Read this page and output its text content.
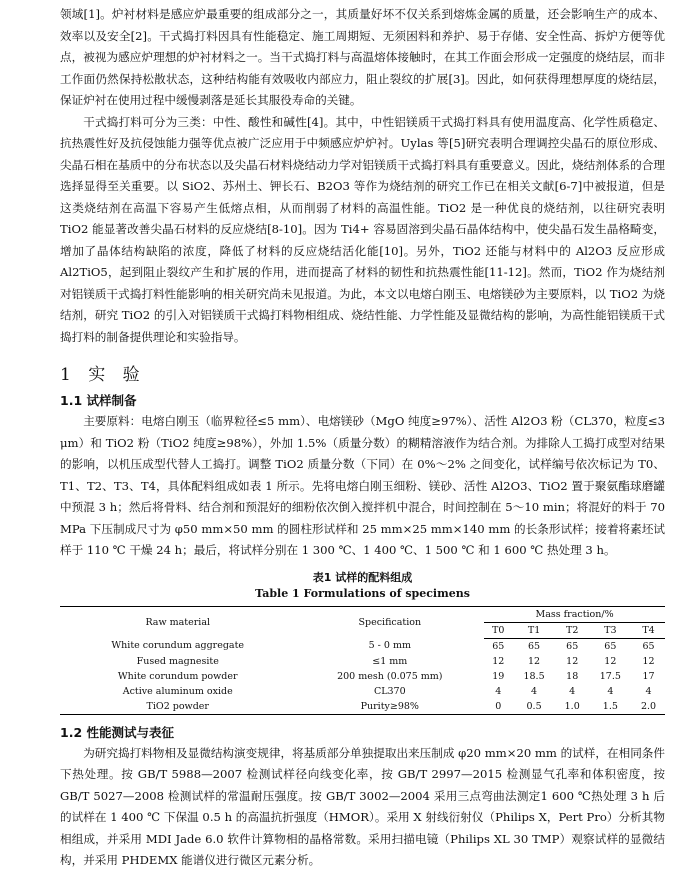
领域[1]。炉衬材料是感应炉最重要的组成部分之一，其质量好坏不仅关系到熔炼金属的质量，还会影响生产的成本、效率以及安全[2]。干式捣打料因具有性能稳定、施工周期短、无须困料和养护、易于存储、安全性高、拆炉方便等优点，被视为感应炉理想的炉衬材料之一。当干式捣打料与高温熔体接触时，在其工作面会形成一定强度的烧结层，而非工作面仍然保持松散状态，这种结构能有效吸收内部应力，阻止裂纹的扩展[3]。因此，如何获得理想厚度的烧结层，保证炉衬在使用过程中缓慢剥落是延长其服役寿命的关键。

干式捣打料可分为三类：中性、酸性和碱性[4]。其中，中性铝镁质干式捣打料具有使用温度高、化学性质稳定、抗热震性好及抗侵蚀能力强等优点被广泛应用于中频感应炉炉衬。Uylas 等[5]研究表明合理调控尖晶石的原位形成、尖晶石相在基质中的分布状态以及尖晶石材料烧结动力学对铝镁质干式捣打料具有重要意义。因此，烧结剂体系的合理选择显得至关重要。以 SiO2、苏州土、钾长石、B2O3 等作为烧结剂的研究工作已在相关文献[6-7]中被报道，但是这类烧结剂在高温下容易产生低熔点相，从而削弱了材料的高温性能。TiO2 是一种优良的烧结剂，以往研究表明 TiO2 能显著改善尖晶石材料的反应烧结[8-10]。因为 Ti4+ 容易固溶到尖晶石晶体结构中，使尖晶石发生晶格畸变，增加了晶体结构缺陷的浓度，降低了材料的反应烧结活化能[10]。另外，TiO2 还能与材料中的 Al2O3 反应形成 Al2TiO5，起到阻止裂纹产生和扩展的作用，进而提高了材料的韧性和抗热震性能[11-12]。然而，TiO2 作为烧结剂对铝镁质干式捣打料性能影响的相关研究尚未见报道。为此，本文以电熔白刚玉、电熔镁砂为主要原料，以 TiO2 为烧结剂，研究 TiO2 的引入对铝镁质干式捣打料物相组成、烧结性能、力学性能及显微结构的影响，为高性能铝镁质干式捣打料的制备提供理论和实验指导。

1 实 验
1.1 试样制备

主要原料：电熔白刚玉（临界粒径≤5 mm）、电熔镁砂（MgO 纯度≥97%）、活性 Al2O3 粉（CL370，粒度≤3 μm）和 TiO2 粉（TiO2 纯度≥98%），外加 1.5%（质量分数）的糊精溶液作为结合剂。为排除人工捣打成型对结果的影响，以机压成型代替人工捣打。调整 TiO2 质量分数（下同）在 0%～2% 之间变化，试样编号依次标记为 T0、T1、T2、T3、T4，具体配料组成如表 1 所示。先将电熔白刚玉细粉、镁砂、活性 Al2O3、TiO2 置于聚氨酯球磨罐中预混 3 h；然后将骨料、结合剂和预混好的细粉依次倒入搅拌机中混合，时间控制在 5～10 min；将混好的料于 70 MPa 下压制成尺寸为 φ50 mm×50 mm 的圆柱形试样和 25 mm×25 mm×140 mm 的长条形试样；接着将素坯试样于 110 ℃ 干燥 24 h；最后，将试样分别在 1 300 ℃、1 400 ℃、1 500 ℃ 和 1 600 ℃ 热处理 3 h。

表1 试样的配料组成
Table 1 Formulations of specimens
Raw material	Specification	Mass fraction/%				
		T0	T1	T2	T3	T4
White corundum aggregate	5 - 0 mm	65	65	65	65	65
Fused magnesite	≤1 mm	12	12	12	12	12
White corundum powder	200 mesh (0.075 mm)	19	18.5	18	17.5	17
Active aluminum oxide	CL370	4	4	4	4	4
TiO2 powder	Purity≥98%	0	0.5	1.0	1.5	2.0
1.2 性能测试与表征

为研究捣打料物相及显微结构演变规律，将基质部分单独提取出来压制成 φ20 mm×20 mm 的试样，在相同条件下热处理。按 GB/T 5988—2007 检测试样径向线变化率，按 GB/T 2997—2015 检测显气孔率和体积密度，按 GB/T 5027—2008 检测试样的常温耐压强度。按 GB/T 3002—2004 采用三点弯曲法测定1 600 ℃热处理 3 h 后的试样在 1 400 ℃ 下保温 0.5 h 的高温抗折强度（HMOR）。采用 X 射线衍射仪（Philips X，Pert Pro）分析其物相组成，并采用 MDI Jade 6.0 软件计算物相的晶格常数。采用扫描电镜（Philips XL 30 TMP）观察试样的显微结构，并采用 PHDEMX 能谱仪进行微区元素分析。
